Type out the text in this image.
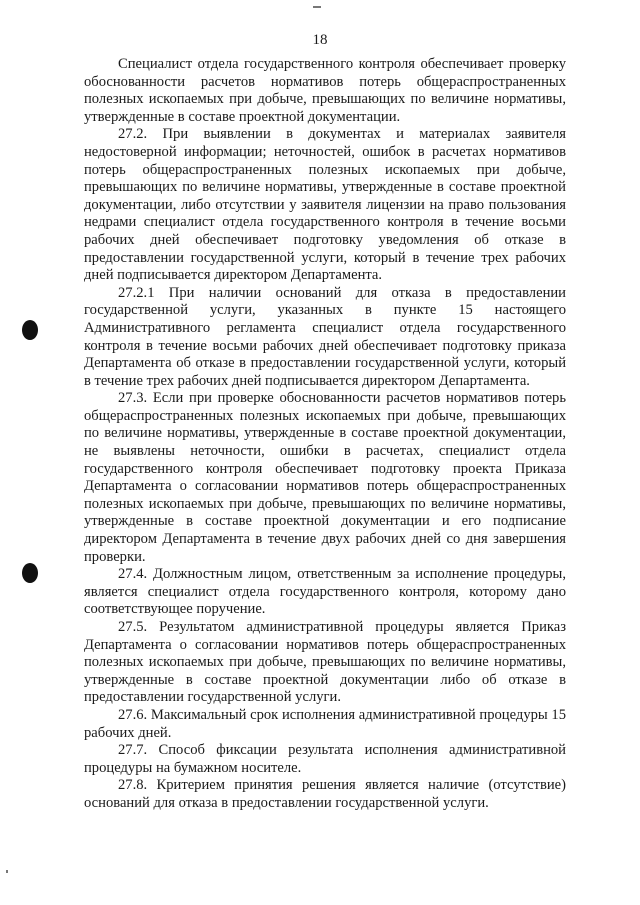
18

Специалист отдела государственного контроля обеспечивает проверку обоснованности расчетов нормативов потерь общераспространенных полезных ископаемых при добыче, превышающих по величине нормативы, утвержденные в составе проектной документации.

27.2. При выявлении в документах и материалах заявителя недостоверной информации; неточностей, ошибок в расчетах нормативов потерь общераспространенных полезных ископаемых при добыче, превышающих по величине нормативы, утвержденные в составе проектной документации, либо отсутствии у заявителя лицензии на право пользования недрами специалист отдела государственного контроля в течение восьми рабочих дней обеспечивает подготовку уведомления об отказе в предоставлении государственной услуги, который в течение трех рабочих дней подписывается директором Департамента.

27.2.1 При наличии оснований для отказа в предоставлении государственной услуги, указанных в пункте 15 настоящего Административного регламента специалист отдела государственного контроля в течение восьми рабочих дней обеспечивает подготовку приказа Департамента об отказе в предоставлении государственной услуги, который в течение трех рабочих дней подписывается директором Департамента.

27.3. Если при проверке обоснованности расчетов нормативов потерь общераспространенных полезных ископаемых при добыче, превышающих по величине нормативы, утвержденные в составе проектной документации, не выявлены неточности, ошибки в расчетах, специалист отдела государственного контроля обеспечивает подготовку проекта Приказа Департамента о согласовании нормативов потерь общераспространенных полезных ископаемых при добыче, превышающих по величине нормативы, утвержденные в составе проектной документации и его подписание директором Департамента в течение двух рабочих дней со дня завершения проверки.

27.4. Должностным лицом, ответственным за исполнение процедуры, является специалист отдела государственного контроля, которому дано соответствующее поручение.

27.5. Результатом административной процедуры является Приказ Департамента о согласовании нормативов потерь общераспространенных полезных ископаемых при добыче, превышающих по величине нормативы, утвержденные в составе проектной документации либо об отказе в предоставлении государственной услуги.

27.6. Максимальный срок исполнения административной процедуры 15 рабочих дней.

27.7. Способ фиксации результата исполнения административной процедуры на бумажном носителе.

27.8. Критерием принятия решения является наличие (отсутствие) оснований для отказа в предоставлении государственной услуги.
